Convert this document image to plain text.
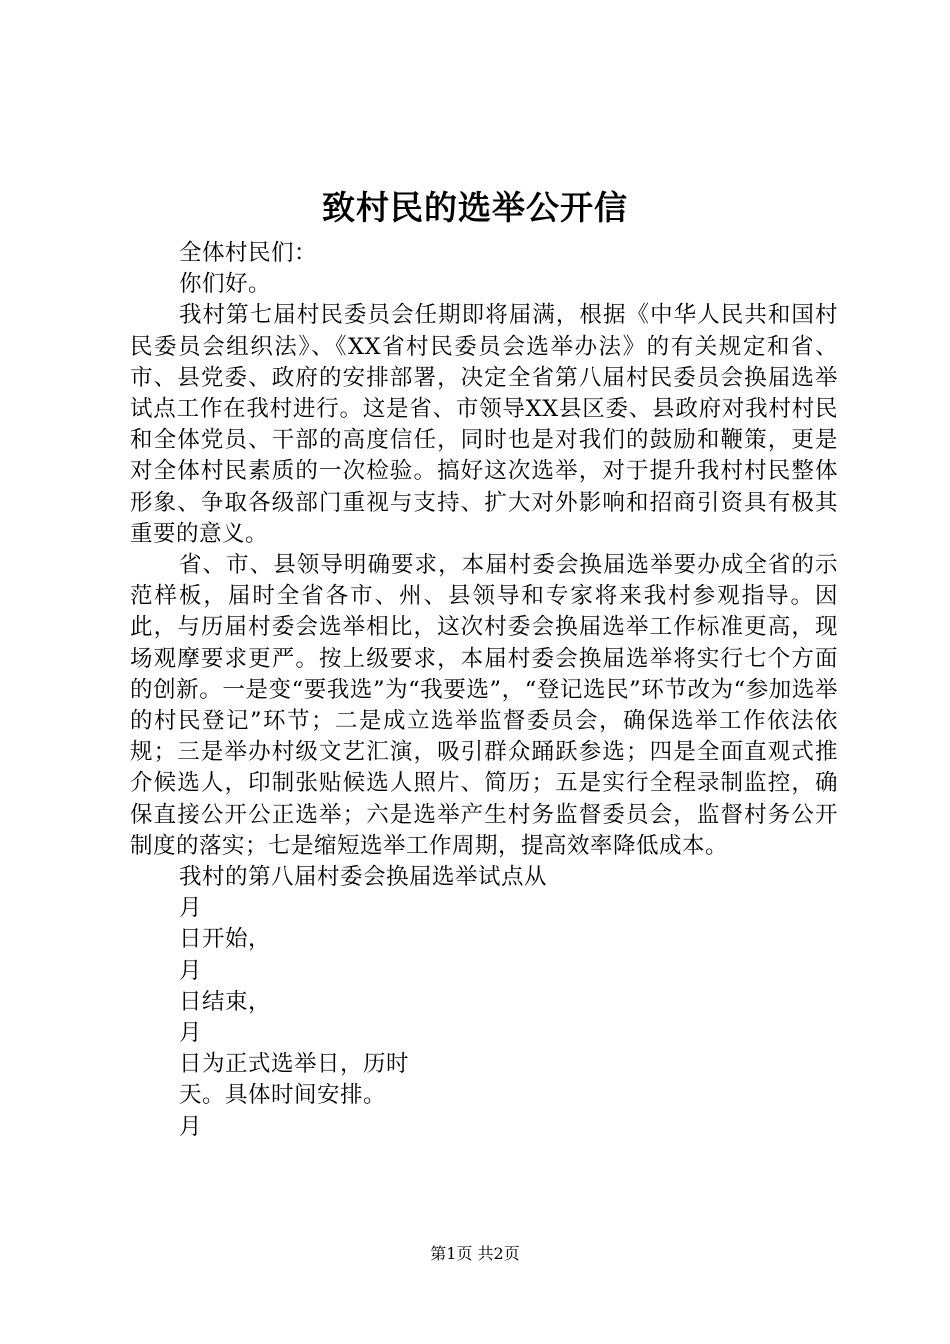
致村民的选举公开信

全体村民们：

你们好。

我村第七届村民委员会任期即将届满，根据《中华人民共和国村民委员会组织法》、《XX省村民委员会选举办法》的有关规定和省、市、县党委、政府的安排部署，决定全省第八届村民委员会换届选举试点工作在我村进行。这是省、市领导XX县区委、县政府对我村村民和全体党员、干部的高度信任，同时也是对我们的鼓励和鞭策，更是对全体村民素质的一次检验。搞好这次选举，对于提升我村村民整体形象、争取各级部门重视与支持、扩大对外影响和招商引资具有极其重要的意义。

省、市、县领导明确要求，本届村委会换届选举要办成全省的示范样板，届时全省各市、州、县领导和专家将来我村参观指导。因此，与历届村委会选举相比，这次村委会换届选举工作标准更高，现场观摩要求更严。按上级要求，本届村委会换届选举将实行七个方面的创新。一是变“要我选”为“我要选”，“登记选民”环节改为“参加选举的村民登记”环节；二是成立选举监督委员会，确保选举工作依法依规；三是举办村级文艺汇演，吸引群众踊跃参选；四是全面直观式推介候选人，印制张贴候选人照片、简历；五是实行全程录制监控，确保直接公开公正选举；六是选举产生村务监督委员会，监督村务公开制度的落实；七是缩短选举工作周期，提高效率降低成本。

我村的第八届村委会换届选举试点从

月

日开始，

月

日结束，

月

日为正式选举日，历时

天。具体时间安排。

月

第1页 共2页
